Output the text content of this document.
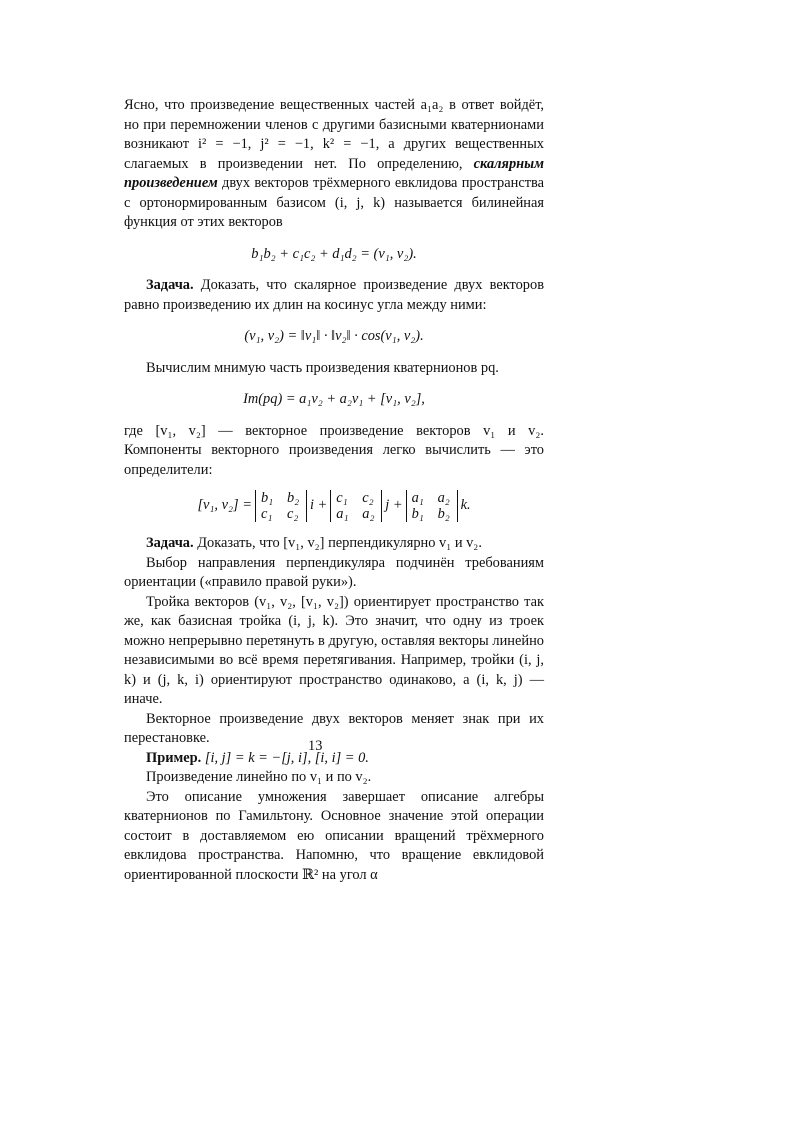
Ясно, что произведение вещественных частей a₁a₂ в ответ войдёт, но при перемножении членов с другими базисными кватернионами возникают i² = −1, j² = −1, k² = −1, а других вещественных слагаемых в произведении нет. По определению, скалярным произведением двух векторов трёхмерного евклидова пространства с ортонормированным базисом (i, j, k) называется билинейная функция от этих векторов

b₁b₂ + c₁c₂ + d₁d₂ = (v₁, v₂).

Задача. Доказать, что скалярное произведение двух векторов равно произведению их длин на косинус угла между ними:

(v₁, v₂) = ‖v₁‖ · ‖v₂‖ · cos(v₁, v₂).

Вычислим мнимую часть произведения кватернионов pq.

Im(pq) = a₁v₂ + a₂v₁ + [v₁, v₂],

где [v₁, v₂] — векторное произведение векторов v₁ и v₂. Компоненты векторного произведения легко вычислить — это определители:

[v₁, v₂] = b₁ b₂
c₁ c₂
i + c₁ c₂
a₁ a₂
j + a₁ a₂
b₁ b₂
k.

Задача. Доказать, что [v₁, v₂] перпендикулярно v₁ и v₂.

Выбор направления перпендикуляра подчинён требованиям ориентации («правило правой руки»).

Тройка векторов (v₁, v₂, [v₁, v₂]) ориентирует пространство так же, как базисная тройка (i, j, k). Это значит, что одну из троек можно непрерывно перетянуть в другую, оставляя векторы линейно независимыми во всё время перетягивания. Например, тройки (i, j, k) и (j, k, i) ориентируют пространство одинаково, а (i, k, j) — иначе.

Векторное произведение двух векторов меняет знак при их перестановке.

Пример. [i, j] = k = −[j, i], [i, i] = 0.

Произведение линейно по v₁ и по v₂.

Это описание умножения завершает описание алгебры кватернионов по Гамильтону. Основное значение этой операции состоит в доставляемом ею описании вращений трёхмерного евклидова пространства. Напомню, что вращение евклидовой ориентированной плоскости ℝ² на угол α

13
